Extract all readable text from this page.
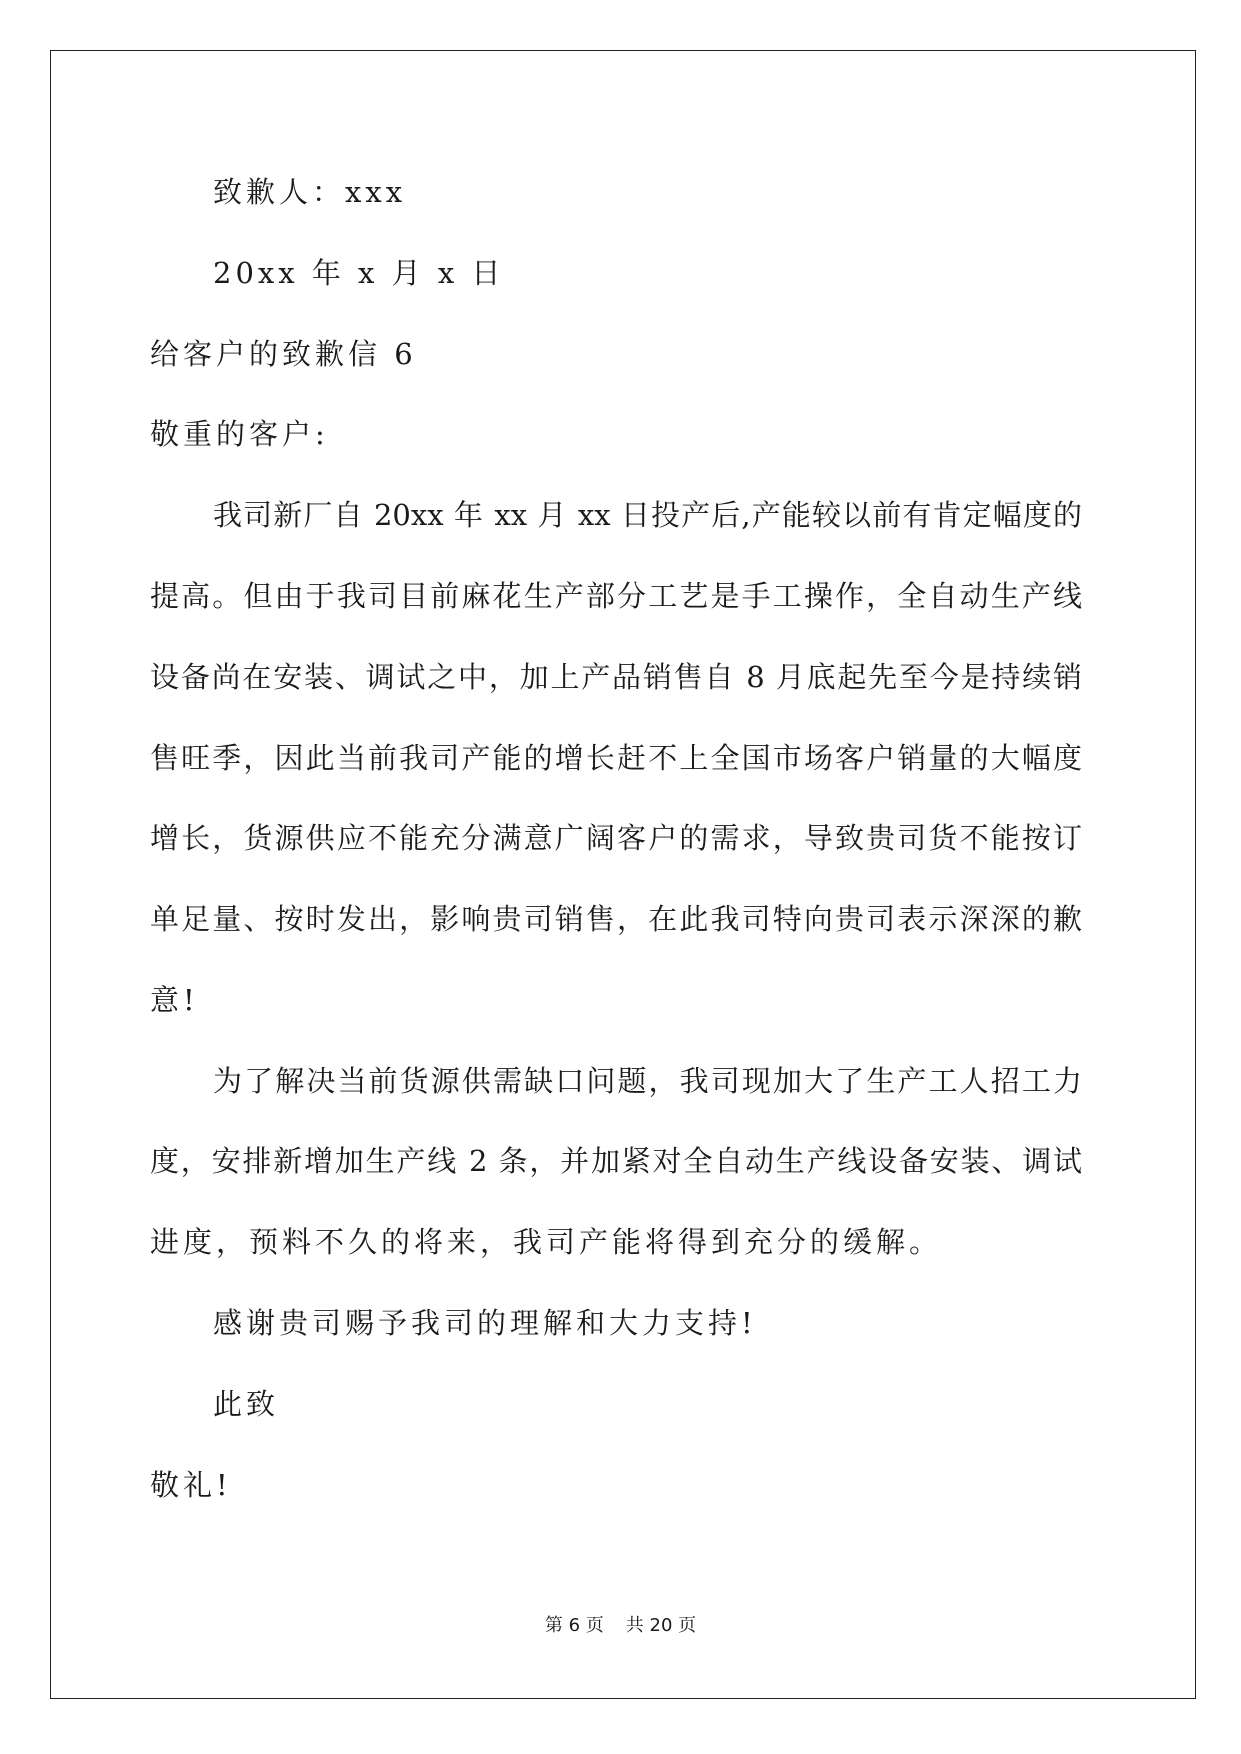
致歉人：xxx
20xx 年 x 月 x 日
给客户的致歉信 6
敬重的客户:
我司新厂自 20xx 年 xx 月 xx 日投产后,产能较以前有肯定幅度的
提高。但由于我司目前麻花生产部分工艺是手工操作，全自动生产线
设备尚在安装、调试之中，加上产品销售自 8 月底起先至今是持续销
售旺季，因此当前我司产能的增长赶不上全国市场客户销量的大幅度
增长，货源供应不能充分满意广阔客户的需求，导致贵司货不能按订
单足量、按时发出，影响贵司销售，在此我司特向贵司表示深深的歉
意!
为了解决当前货源供需缺口问题，我司现加大了生产工人招工力
度，安排新增加生产线 2 条，并加紧对全自动生产线设备安装、调试
进度，预料不久的将来，我司产能将得到充分的缓解。
感谢贵司赐予我司的理解和大力支持!
此致
敬礼!
第 6 页 共 20 页
